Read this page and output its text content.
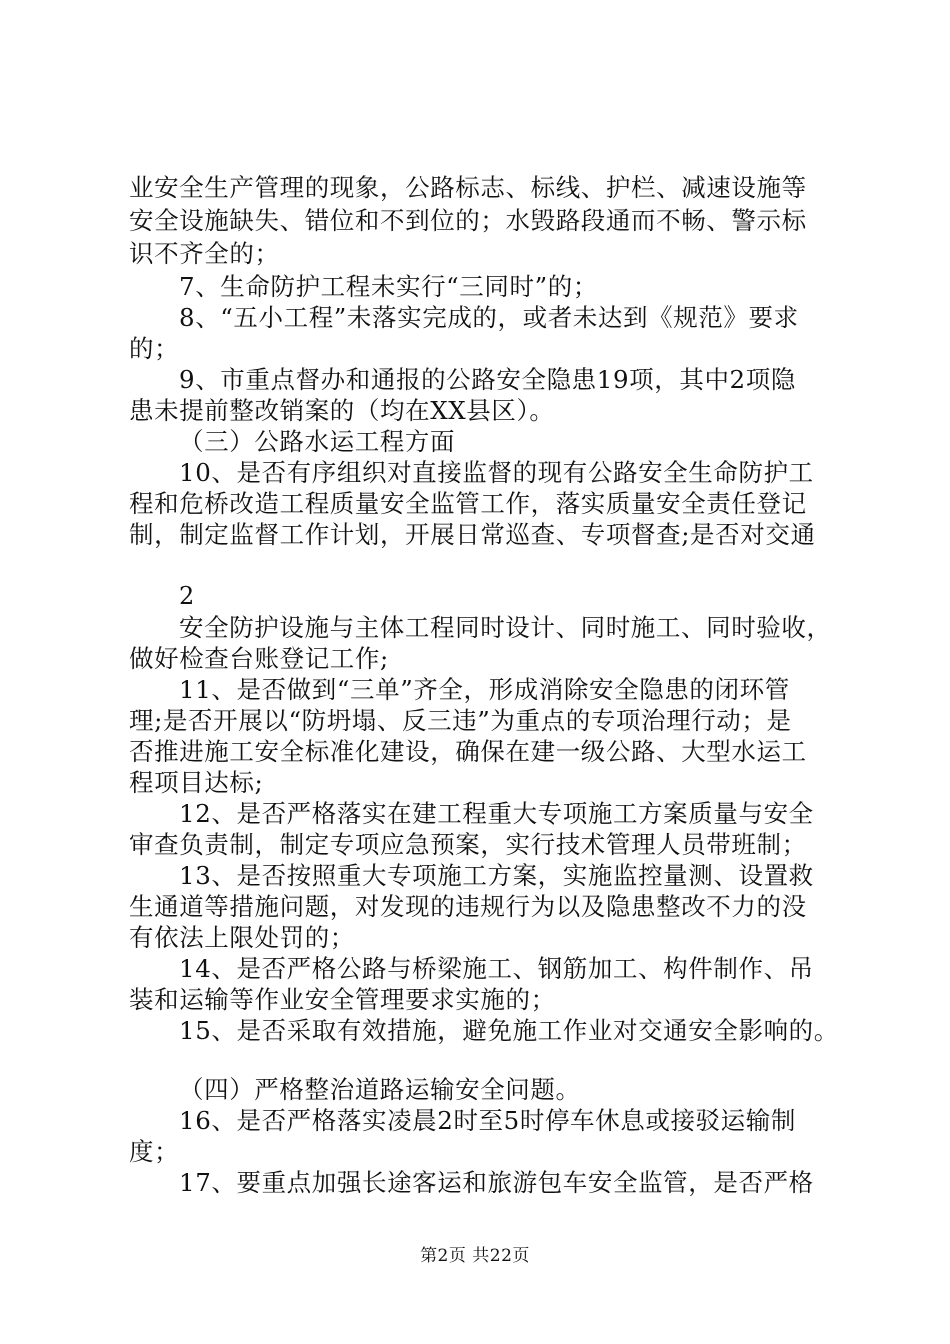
业安全生产管理的现象，公路标志、标线、护栏、减速设施等
安全设施缺失、错位和不到位的；水毁路段通而不畅、警示标
识不齐全的；
7、生命防护工程未实行“三同时”的；
8、“五小工程”未落实完成的，或者未达到《规范》要求
的；
9、市重点督办和通报的公路安全隐患19项，其中2项隐
患未提前整改销案的（均在XX县区）。
（三）公路水运工程方面
10、是否有序组织对直接监督的现有公路安全生命防护工
程和危桥改造工程质量安全监管工作，落实质量安全责任登记
制，制定监督工作计划，开展日常巡查、专项督查;是否对交通
2
安全防护设施与主体工程同时设计、同时施工、同时验收，
做好检查台账登记工作;
11、是否做到“三单”齐全，形成消除安全隐患的闭环管
理;是否开展以“防坍塌、反三违”为重点的专项治理行动；是
否推进施工安全标准化建设，确保在建一级公路、大型水运工
程项目达标;
12、是否严格落实在建工程重大专项施工方案质量与安全
审查负责制，制定专项应急预案，实行技术管理人员带班制；
13、是否按照重大专项施工方案，实施监控量测、设置救
生通道等措施问题，对发现的违规行为以及隐患整改不力的没
有依法上限处罚的；
14、是否严格公路与桥梁施工、钢筋加工、构件制作、吊
装和运输等作业安全管理要求实施的；
15、是否采取有效措施，避免施工作业对交通安全影响的。
（四）严格整治道路运输安全问题。
16、是否严格落实凌晨2时至5时停车休息或接驳运输制
度；
17、要重点加强长途客运和旅游包车安全监管，是否严格
第2页 共22页
